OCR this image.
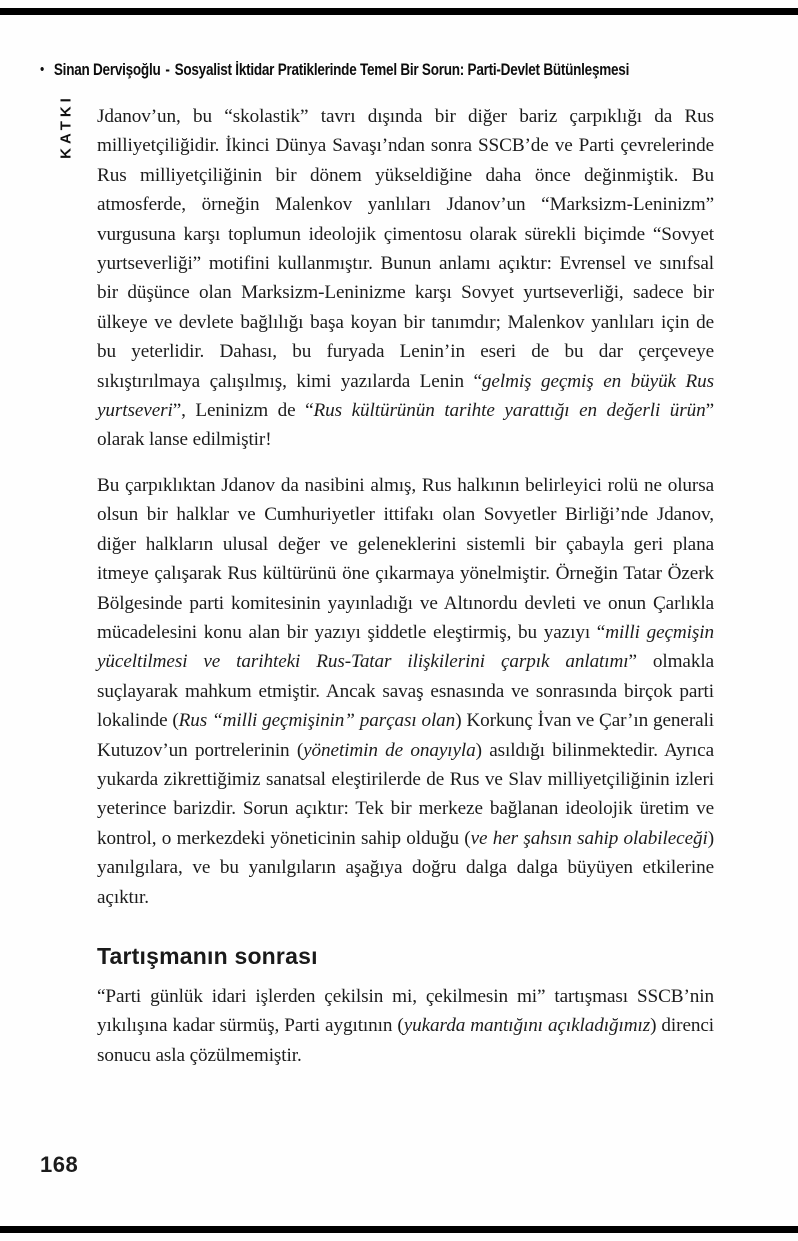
• Sinan Dervişoğlu - Sosyalist İktidar Pratiklerinde Temel Bir Sorun: Parti-Devlet Bütünleşmesi
KATKI Jdanov’un, bu “skolastik” tavrı dışında bir diğer bariz çarpıklığı da Rus milliyetçiliğidir. İkinci Dünya Savaşı’ndan sonra SSCB’de ve Parti çevrelerinde Rus milliyetçiliğinin bir dönem yükseldiğine daha önce değinmiştik. Bu atmosferde, örneğin Malenkov yanlıları Jdanov’un “Marksizm-Leninizm” vurgusuna karşı toplumun ideolojik çimentosu olarak sürekli biçimde “Sovyet yurtseverliği” motifini kullanmıştır. Bunun anlamı açıktır: Evrensel ve sınıfsal bir düşünce olan Marksizm-Leninizme karşı Sovyet yurtseverliği, sadece bir ülkeye ve devlete bağlılığı başa koyan bir tanımdır; Malenkov yanlıları için de bu yeterlidir. Dahası, bu furyada Lenin’in eseri de bu dar çerçeveye sıkıştırılmaya çalışılmış, kimi yazılarda Lenin “gelmiş geçmiş en büyük Rus yurtseveri”, Leninizm de “Rus kültürünün tarihte yarattığı en değerli ürün” olarak lanse edilmiştir!

Bu çarpıklıktan Jdanov da nasibini almış, Rus halkının belirleyici rolü ne olursa olsun bir halklar ve Cumhuriyetler ittifakı olan Sovyetler Birliği’nde Jdanov, diğer halkların ulusal değer ve geleneklerini sistemli bir çabayla geri plana itmeye çalışarak Rus kültürünü öne çıkarmaya yönelmiştir. Örneğin Tatar Özerk Bölgesinde parti komitesinin yayınladığı ve Altınordu devleti ve onun Çarlıkla mücadelesini konu alan bir yazıyı şiddetle eleştirmiş, bu yazıyı “milli geçmişin yüceltilmesi ve tarihteki Rus-Tatar ilişkilerini çarpık anlatımı” olmakla suçlayarak mahkum etmiştir. Ancak savaş esnasında ve sonrasında birçok parti lokalinde (Rus “milli geçmişinin” parçası olan) Korkunç İvan ve Çar’ın generali Kutuzov’un portrelerinin (yönetimin de onayıyla) asıldığı bilinmektedir. Ayrıca yukarda zikrettiğimiz sanatsal eleştirilerde de Rus ve Slav milliyetçiliğinin izleri yeterince barizdir. Sorun açıktır: Tek bir merkeze bağlanan ideolojik üretim ve kontrol, o merkezdeki yöneticinin sahip olduğu (ve her şahsın sahip olabileceği) yanılgılara, ve bu yanılgıların aşağıya doğru dalga dalga büyüyen etkilerine açıktır.

Tartışmanın sonrası

“Parti günlük idari işlerden çekilsin mi, çekilmesin mi” tartışması SSCB’nin yıkılışına kadar sürmüş, Parti aygıtının (yukarda mantığını açıkladığımız) direnci sonucu asla çözülmemiştir.

168
